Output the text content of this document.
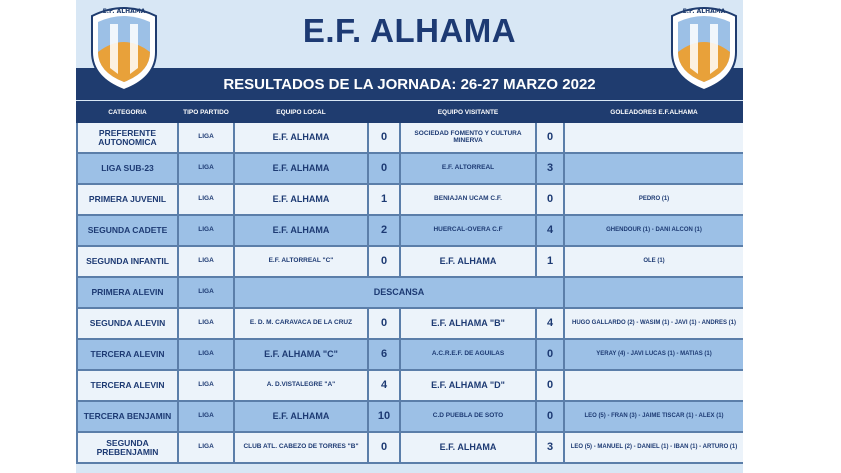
E.F. ALHAMA
RESULTADOS DE LA JORNADA: 26-27 MARZO 2022
E.F. ALHAMA	E.F. ALHAMA
CATEGORIA	TIPO PARTIDO	EQUIPO LOCAL		EQUIPO VISITANTE		GOLEADORES E.F.ALHAMA
PREFERENTE AUTONOMICA	LIGA	E.F. ALHAMA	0	SOCIEDAD FOMENTO Y CULTURA MINERVA	0	
LIGA SUB-23	LIGA	E.F. ALHAMA	0	E.F. ALTORREAL	3	
PRIMERA JUVENIL	LIGA	E.F. ALHAMA	1	BENIAJAN UCAM C.F.	0	PEDRO (1)
SEGUNDA CADETE	LIGA	E.F. ALHAMA	2	HUERCAL-OVERA C.F	4	GHENDOUR (1) - DANI ALCON (1)
SEGUNDA INFANTIL	LIGA	E.F. ALTORREAL "C"	0	E.F. ALHAMA	1	OLE (1)
PRIMERA ALEVIN	LIGA	DESCANSA				
SEGUNDA ALEVIN	LIGA	E. D. M. CARAVACA DE LA CRUZ	0	E.F. ALHAMA "B"	4	HUGO GALLARDO (2) - WASIM (1) - JAVI (1) - ANDRES (1)
TERCERA ALEVIN	LIGA	E.F. ALHAMA "C"	6	A.C.R.E.F. DE AGUILAS	0	YERAY (4) - JAVI LUCAS (1) - MATIAS (1)
TERCERA ALEVIN	LIGA	A. D.VISTALEGRE "A"	4	E.F. ALHAMA "D"	0	
TERCERA BENJAMIN	LIGA	E.F. ALHAMA	10	C.D PUEBLA DE SOTO	0	LEO (5) - FRAN (3) - JAIME TISCAR (1) - ALEX (1)
SEGUNDA PREBENJAMIN	LIGA	CLUB ATL. CABEZO DE TORRES "B"	0	E.F. ALHAMA	3	LEO (5) - MANUEL (2) - DANIEL (1) - IBAN (1) - ARTURO (1)
